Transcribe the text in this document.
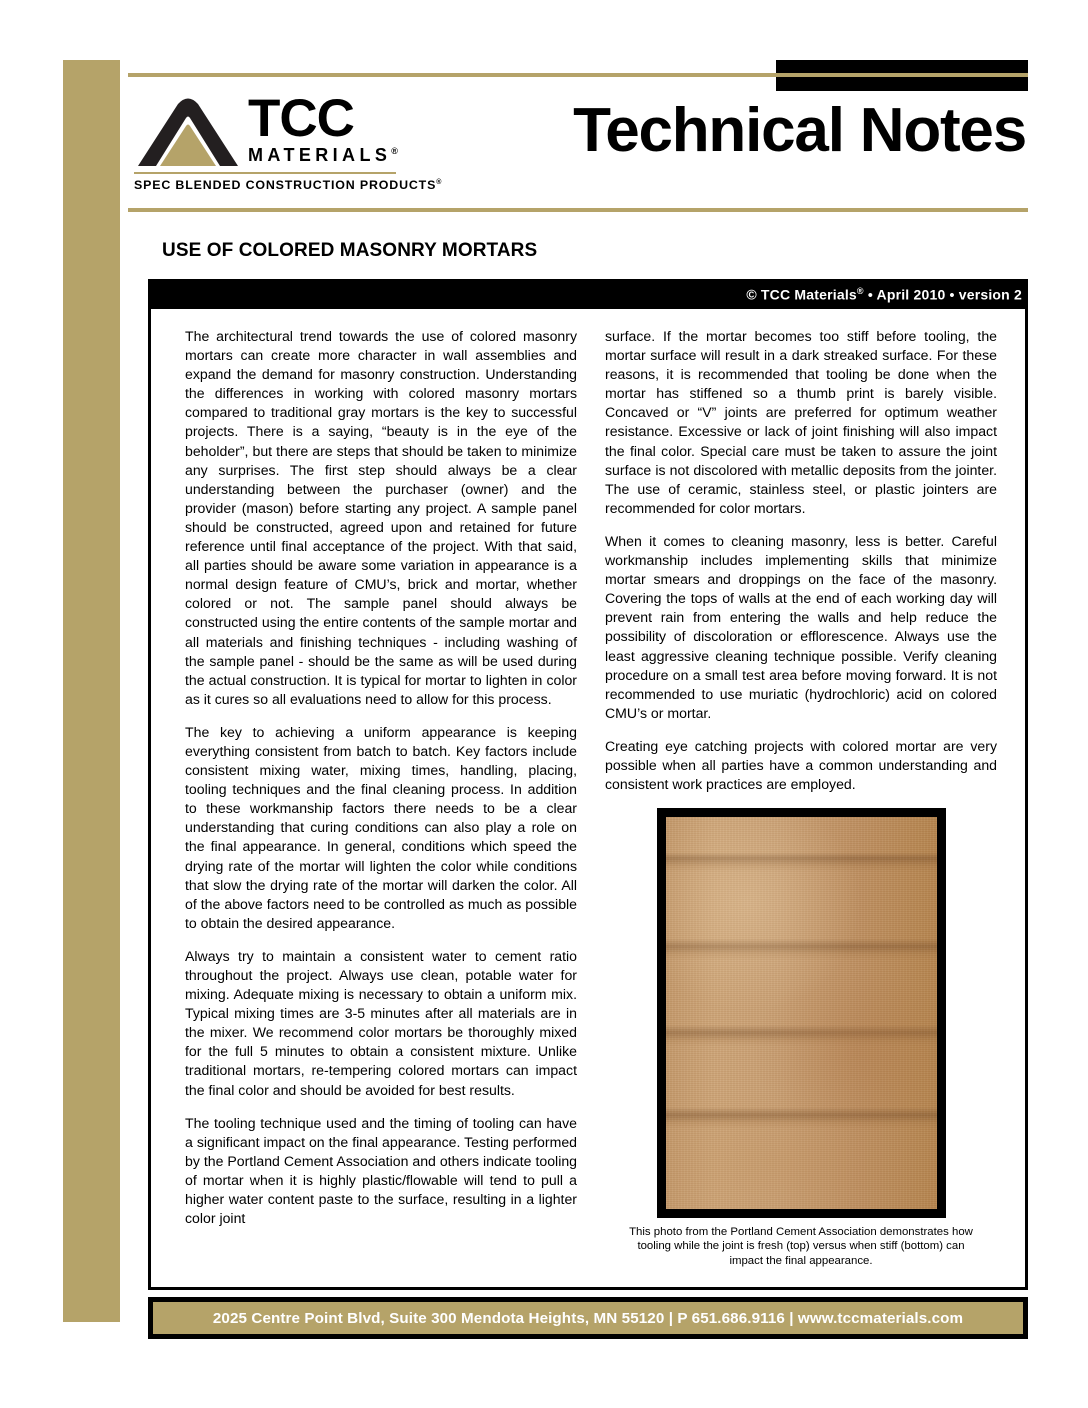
TCC
MATERIALS®
SPEC BLENDED CONSTRUCTION PRODUCTS®
Technical Notes
USE OF COLORED MASONRY MORTARS
© TCC Materials® • April 2010 • version 2

The architectural trend towards the use of colored masonry mortars can create more character in wall assemblies and expand the demand for masonry construction. Understanding the differences in working with colored masonry mortars compared to traditional gray mortars is the key to successful projects. There is a saying, “beauty is in the eye of the beholder”, but there are steps that should be taken to minimize any surprises. The first step should always be a clear understanding between the purchaser (owner) and the provider (mason) before starting any project. A sample panel should be constructed, agreed upon and retained for future reference until final acceptance of the project. With that said, all parties should be aware some variation in appearance is a normal design feature of CMU’s, brick and mortar, whether colored or not. The sample panel should always be constructed using the entire contents of the sample mortar and all materials and finishing techniques - including washing of the sample panel - should be the same as will be used during the actual construction. It is typical for mortar to lighten in color as it cures so all evaluations need to allow for this process.

The key to achieving a uniform appearance is keeping everything consistent from batch to batch. Key factors include consistent mixing water, mixing times, handling, placing, tooling techniques and the final cleaning process. In addition to these workmanship factors there needs to be a clear understanding that curing conditions can also play a role on the final appearance. In general, conditions which speed the drying rate of the mortar will lighten the color while conditions that slow the drying rate of the mortar will darken the color. All of the above factors need to be controlled as much as possible to obtain the desired appearance.

Always try to maintain a consistent water to cement ratio throughout the project. Always use clean, potable water for mixing. Adequate mixing is necessary to obtain a uniform mix. Typical mixing times are 3-5 minutes after all materials are in the mixer. We recommend color mortars be thoroughly mixed for the full 5 minutes to obtain a consistent mixture. Unlike traditional mortars, re-tempering colored mortars can impact the final color and should be avoided for best results.

The tooling technique used and the timing of tooling can have a significant impact on the final appearance. Testing performed by the Portland Cement Association and others indicate tooling of mortar when it is highly plastic/flowable will tend to pull a higher water content paste to the surface, resulting in a lighter color joint

surface. If the mortar becomes too stiff before tooling, the mortar surface will result in a dark streaked surface. For these reasons, it is recommended that tooling be done when the mortar has stiffened so a thumb print is barely visible. Concaved or “V” joints are preferred for optimum weather resistance. Excessive or lack of joint finishing will also impact the final color. Special care must be taken to assure the joint surface is not discolored with metallic deposits from the jointer. The use of ceramic, stainless steel, or plastic jointers are recommended for color mortars.

When it comes to cleaning masonry, less is better. Careful workmanship includes implementing skills that minimize mortar smears and droppings on the face of the masonry. Covering the tops of walls at the end of each working day will prevent rain from entering the walls and help reduce the possibility of discoloration or efflorescence. Always use the least aggressive cleaning technique possible. Verify cleaning procedure on a small test area before moving forward. It is not recommended to use muriatic (hydrochloric) acid on colored CMU’s or mortar.

Creating eye catching projects with colored mortar are very possible when all parties have a common understanding and consistent work practices are employed.

This photo from the Portland Cement Association demonstrates how tooling while the joint is fresh (top) versus when stiff (bottom) can impact the final appearance.
2025 Centre Point Blvd, Suite 300 Mendota Heights, MN 55120 | P 651.686.9116 | www.tccmaterials.com
